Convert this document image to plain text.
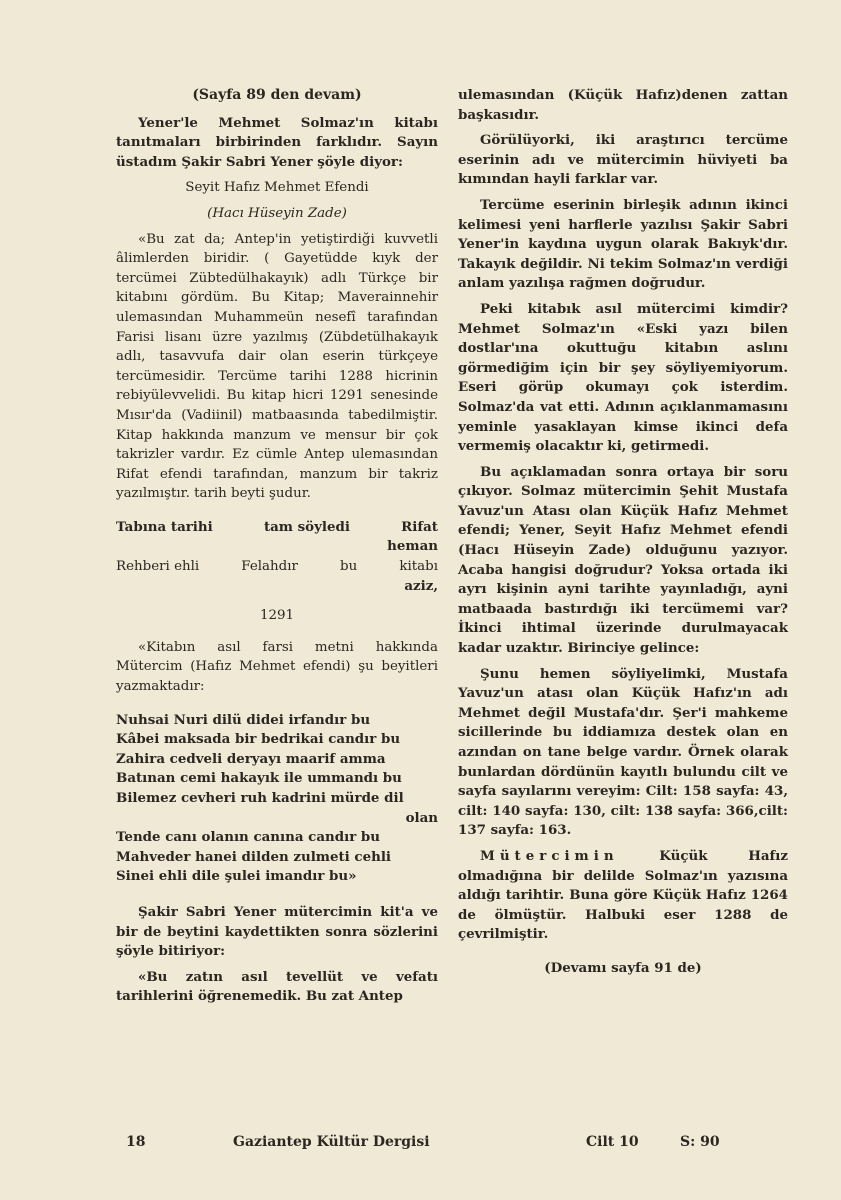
(Sayfa 89 den devam)

Yener'le Mehmet Solmaz'ın kitabı tanıtmaları birbirinden farklıdır. Sayın üstadım Şakir Sabri Yener şöyle diyor:

Seyit Hafız Mehmet Efendi
(Hacı Hüseyin Zade)

«Bu zat da; Antep'in yetiştirdiği kuvvetli âlimlerden biridir. ( Gayetüdde kıyk der tercümei Zübtedülhakayık) adlı Türkçe bir kitabını gördüm. Bu Kitap; Maverainnehir ulemasından Muhammeün nesefî tarafından Farisi lisanı üzre yazılmış (Zübdetülhakayık adlı, tasavvufa dair olan eserin türkçeye tercümesidir. Tercüme tarihi 1288 hicrinin rebiyülevvelidi. Bu kitap hicri 1291 senesinde Mısır'da (Vadiinil) matbaasında tabedilmiştir. Kitap hakkında manzum ve mensur bir çok takrizler vardır. Ez cümle Antep ulemasından Rifat efendi tarafından, manzum bir takriz yazılmıştır. tarih beyti şudur.

Tabına tarihi	tam söyledi	Rifat
heman
Rehberi ehli	Felahdır	bu	kitabı
aziz,
1291

«Kitabın asıl farsi metni hakkında Mütercim (Hafız Mehmet efendi) şu beyitleri yazmaktadır:

Nuhsai Nuri dilü didei irfandır bu
Kâbei maksada bir bedrikai candır bu
Zahira cedveli deryayı maarif amma
Batınan cemi hakayık ile ummandı bu
Bilemez cevheri ruh kadrini mürde dil
olan
Tende canı olanın canına candır bu
Mahveder hanei dilden zulmeti cehli
Sinei ehli dile şulei imandır bu»

Şakir Sabri Yener mütercimin kit'a ve bir de beytini kaydettikten sonra sözlerini şöyle bitiriyor:

«Bu zatın asıl tevellüt ve vefatı tarihlerini öğrenemedik. Bu zat Antep

ulemasından (Küçük Hafız)denen zattan başkasıdır.

Görülüyorki, iki araştırıcı tercüme eserinin adı ve mütercimin hüviyeti ba kımından hayli farklar var.

Tercüme eserinin birleşik adının ikinci kelimesi yeni harflerle yazılısı Şakir Sabri Yener'in kaydına uygun olarak Bakıyk'dır. Takayık değildir. Ni tekim Solmaz'ın verdiği anlam yazılışa rağmen doğrudur.

Peki kitabık asıl mütercimi kimdir? Mehmet Solmaz'ın «Eski yazı bilen dostlar'ına okuttuğu kitabın aslını görmediğim için bir şey söyliyemiyorum. Eseri görüp okumayı çok isterdim. Solmaz'da vat etti. Adının açıklanmamasını yeminle yasaklayan kimse ikinci defa vermemiş olacaktır ki, getirmedi.

Bu açıklamadan sonra ortaya bir soru çıkıyor. Solmaz mütercimin Şehit Mustafa Yavuz'un Atası olan Küçük Hafız Mehmet efendi; Yener, Seyit Hafız Mehmet efendi (Hacı Hüseyin Zade) olduğunu yazıyor. Acaba hangisi doğrudur? Yoksa ortada iki ayrı kişinin ayni tarihte yayınladığı, ayni matbaada bastırdığı iki tercümemi var? İkinci ihtimal üzerinde durulmayacak kadar uzaktır. Birinciye gelince:

Şunu hemen söyliyelimki, Mustafa Yavuz'un atası olan Küçük Hafız'ın adı Mehmet değil Mustafa'dır. Şer'i mahkeme sicillerinde bu iddiamıza destek olan en azından on tane belge vardır. Örnek olarak bunlardan dördünün kayıtlı bulundu cilt ve sayfa sayılarını vereyim: Cilt: 158 sayfa: 43, cilt: 140 sayfa: 130, cilt: 138 sayfa: 366,cilt: 137 sayfa: 163.

Mütercimin Küçük Hafız olmadığına bir delilde Solmaz'ın yazısına aldığı tarihtir. Buna göre Küçük Hafız 1264 de ölmüştür. Halbuki eser 1288 de çevrilmiştir.

(Devamı sayfa 91 de)
18	Gaziantep Kültür Dergisi	Cilt 10	S: 90
